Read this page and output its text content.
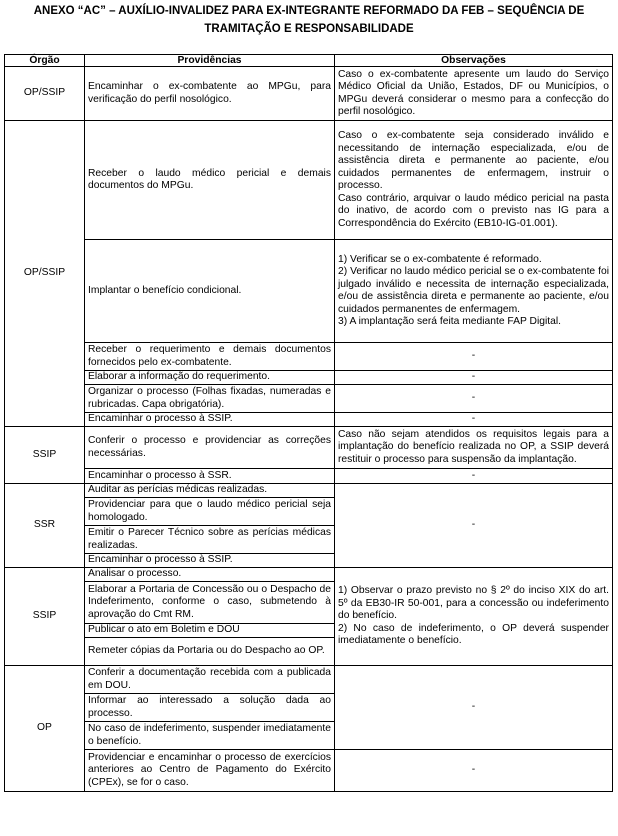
ANEXO “AC” – AUXÍLIO-INVALIDEZ PARA EX-INTEGRANTE REFORMADO DA FEB – SEQUÊNCIA DE
TRAMITAÇÃO E RESPONSABILIDADE
Órgão	Providências	Observações
OP/SSIP	Encaminhar o ex-combatente ao MPGu, para verificação do perfil nosológico.	Caso o ex-combatente apresente um laudo do Serviço Médico Oficial da União, Estados, DF ou Municípios, o MPGu deverá considerar o mesmo para a confecção do perfil nosológico.
OP/SSIP	Receber o laudo médico pericial e demais documentos do MPGu.	Caso o ex-combatente seja considerado inválido e necessitando de internação especializada, e/ou de assistência direta e permanente ao paciente, e/ou cuidados permanentes de enfermagem, instruir o processo.
Caso contrário, arquivar o laudo médico pericial na pasta do inativo, de acordo com o previsto nas IG para a Correspondência do Exército (EB10-IG-01.001).

	Implantar o benefício condicional.	1) Verificar se o ex-combatente é reformado.
2) Verificar no laudo médico pericial se o ex-combatente foi julgado inválido e necessita de internação especializada, e/ou de assistência direta e permanente ao paciente, e/ou cuidados permanentes de enfermagem.
3) A implantação será feita mediante FAP Digital.

	Receber o requerimento e demais documentos fornecidos pelo ex-combatente.	-
	Elaborar a informação do requerimento.	-
	Organizar o processo (Folhas fixadas, numeradas e rubricadas. Capa obrigatória).	-
	Encaminhar o processo à SSIP.	-
SSIP	Conferir o processo e providenciar as correções necessárias.	Caso não sejam atendidos os requisitos legais para a implantação do benefício realizada no OP, a SSIP deverá restituir o processo para suspensão da implantação.
	Encaminhar o processo à SSR.	-
SSR	Auditar as perícias médicas realizadas.	-
	Providenciar para que o laudo médico pericial seja homologado.	
	Emitir o Parecer Técnico sobre as perícias médicas realizadas.	
	Encaminhar o processo à SSIP.	
SSIP	Analisar o processo.	1) Observar o prazo previsto no § 2º do inciso XIX do art. 5º da EB30-IR 50-001, para a concessão ou indeferimento do benefício.
2) No caso de indeferimento, o OP deverá suspender imediatamente o benefício.

	Elaborar a Portaria de Concessão ou o Despacho de Indeferimento, conforme o caso, submetendo à aprovação do Cmt RM.	
	Publicar o ato em Boletim e DOU	
	Remeter cópias da Portaria ou do Despacho ao OP.	
OP	Conferir a documentação recebida com a publicada em DOU.	-
	Informar ao interessado a solução dada ao processo.	
	No caso de indeferimento, suspender imediatamente o benefício.	
	Providenciar e encaminhar o processo de exercícios anteriores ao Centro de Pagamento do Exército (CPEx), se for o caso.	-
